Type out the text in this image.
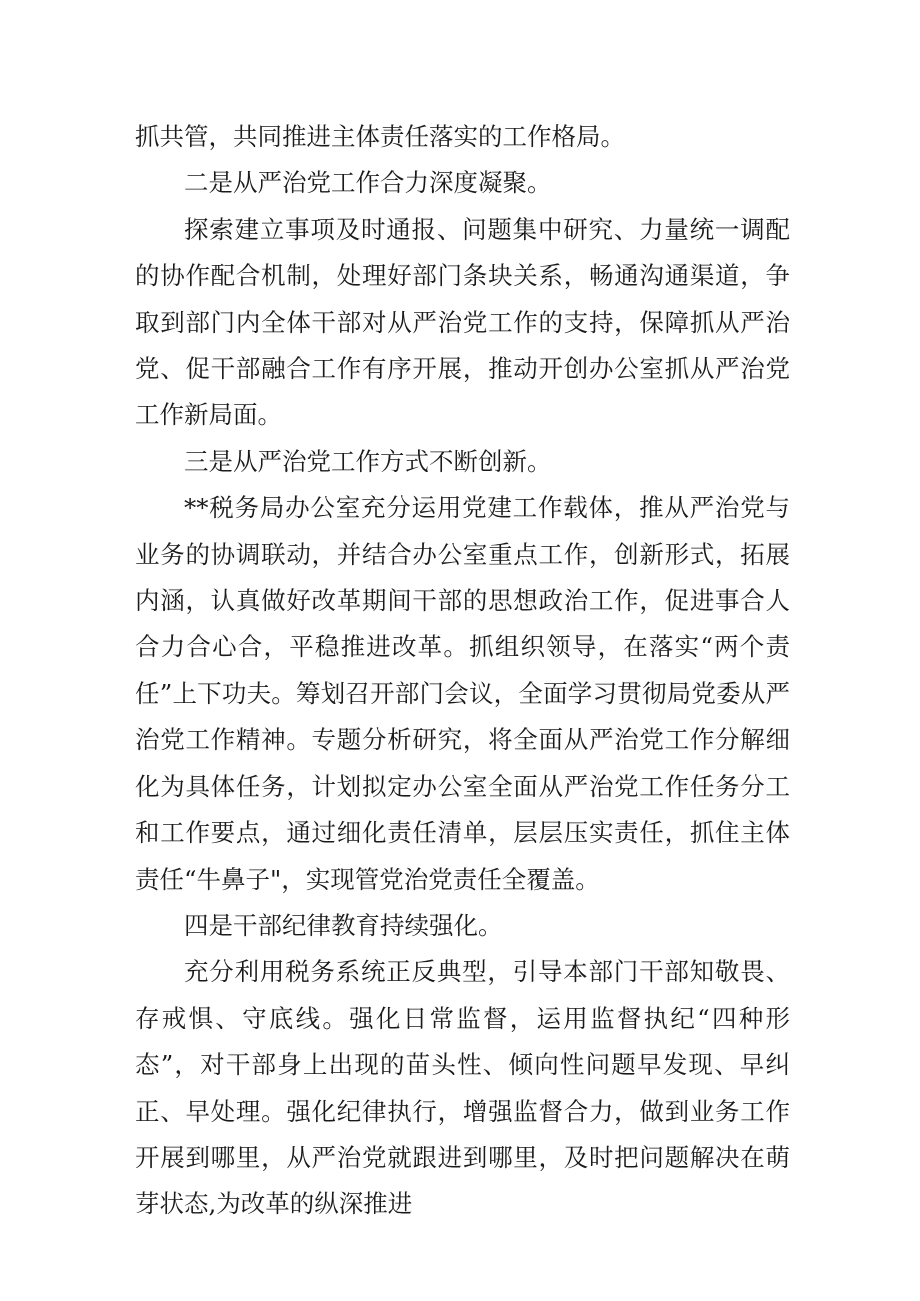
抓共管，共同推进主体责任落实的工作格局。

二是从严治党工作合力深度凝聚。

探索建立事项及时通报、问题集中研究、力量统一调配的协作配合机制，处理好部门条块关系，畅通沟通渠道，争取到部门内全体干部对从严治党工作的支持，保障抓从严治党、促干部融合工作有序开展，推动开创办公室抓从严治党工作新局面。

三是从严治党工作方式不断创新。

**税务局办公室充分运用党建工作载体，推从严治党与业务的协调联动，并结合办公室重点工作，创新形式，拓展内涵，认真做好改革期间干部的思想政治工作，促进事合人合力合心合，平稳推进改革。抓组织领导，在落实“两个责任”上下功夫。筹划召开部门会议，全面学习贯彻局党委从严治党工作精神。专题分析研究，将全面从严治党工作分解细化为具体任务，计划拟定办公室全面从严治党工作任务分工和工作要点，通过细化责任清单，层层压实责任，抓住主体责任“牛鼻子"，实现管党治党责任全覆盖。

四是干部纪律教育持续强化。

充分利用税务系统正反典型，引导本部门干部知敬畏、存戒惧、守底线。强化日常监督，运用监督执纪“四种形态”，对干部身上出现的苗头性、倾向性问题早发现、早纠正、早处理。强化纪律执行，增强监督合力，做到业务工作开展到哪里，从严治党就跟进到哪里，及时把问题解决在萌芽状态,为改革的纵深推进
